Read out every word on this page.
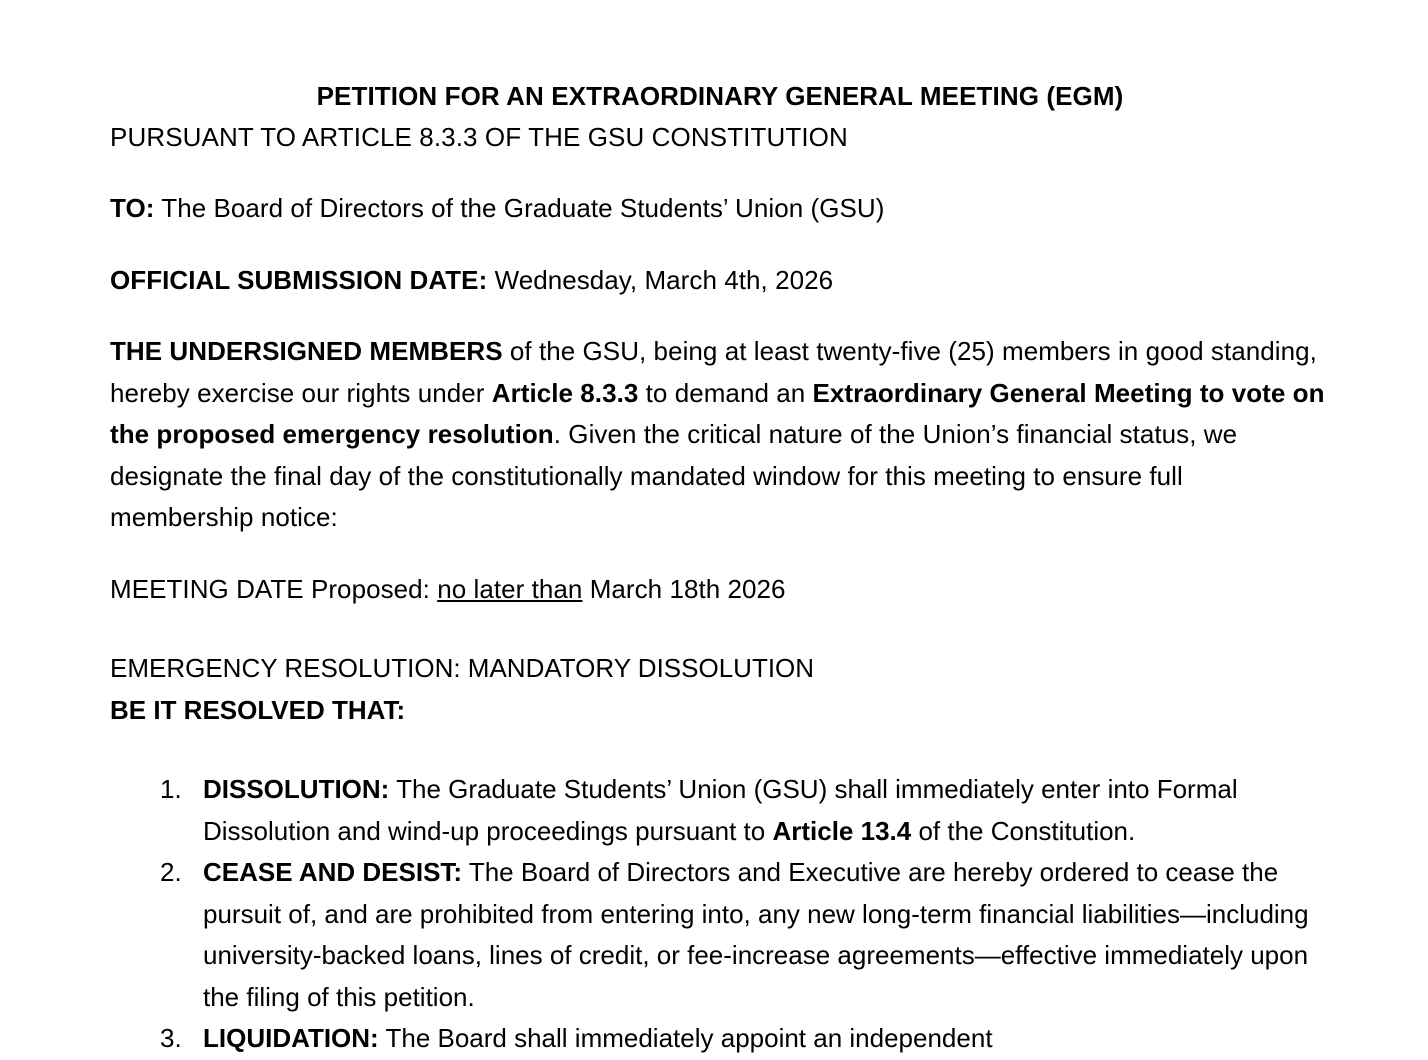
PETITION FOR AN EXTRAORDINARY GENERAL MEETING (EGM)
PURSUANT TO ARTICLE 8.3.3 OF THE GSU CONSTITUTION

TO: The Board of Directors of the Graduate Students’ Union (GSU)

OFFICIAL SUBMISSION DATE: Wednesday, March 4th, 2026

THE UNDERSIGNED MEMBERS of the GSU, being at least twenty-five (25) members in good standing, hereby exercise our rights under Article 8.3.3 to demand an Extraordinary General Meeting to vote on the proposed emergency resolution. Given the critical nature of the Union’s financial status, we designate the final day of the constitutionally mandated window for this meeting to ensure full membership notice:

MEETING DATE Proposed: no later than March 18th 2026

EMERGENCY RESOLUTION: MANDATORY DISSOLUTION
BE IT RESOLVED THAT:
DISSOLUTION: The Graduate Students’ Union (GSU) shall immediately enter into Formal Dissolution and wind-up proceedings pursuant to Article 13.4 of the Constitution.
CEASE AND DESIST: The Board of Directors and Executive are hereby ordered to cease the pursuit of, and are prohibited from entering into, any new long-term financial liabilities—including university-backed loans, lines of credit, or fee-increase agreements—effective immediately upon the filing of this petition.
LIQUIDATION: The Board shall immediately appoint an independent
